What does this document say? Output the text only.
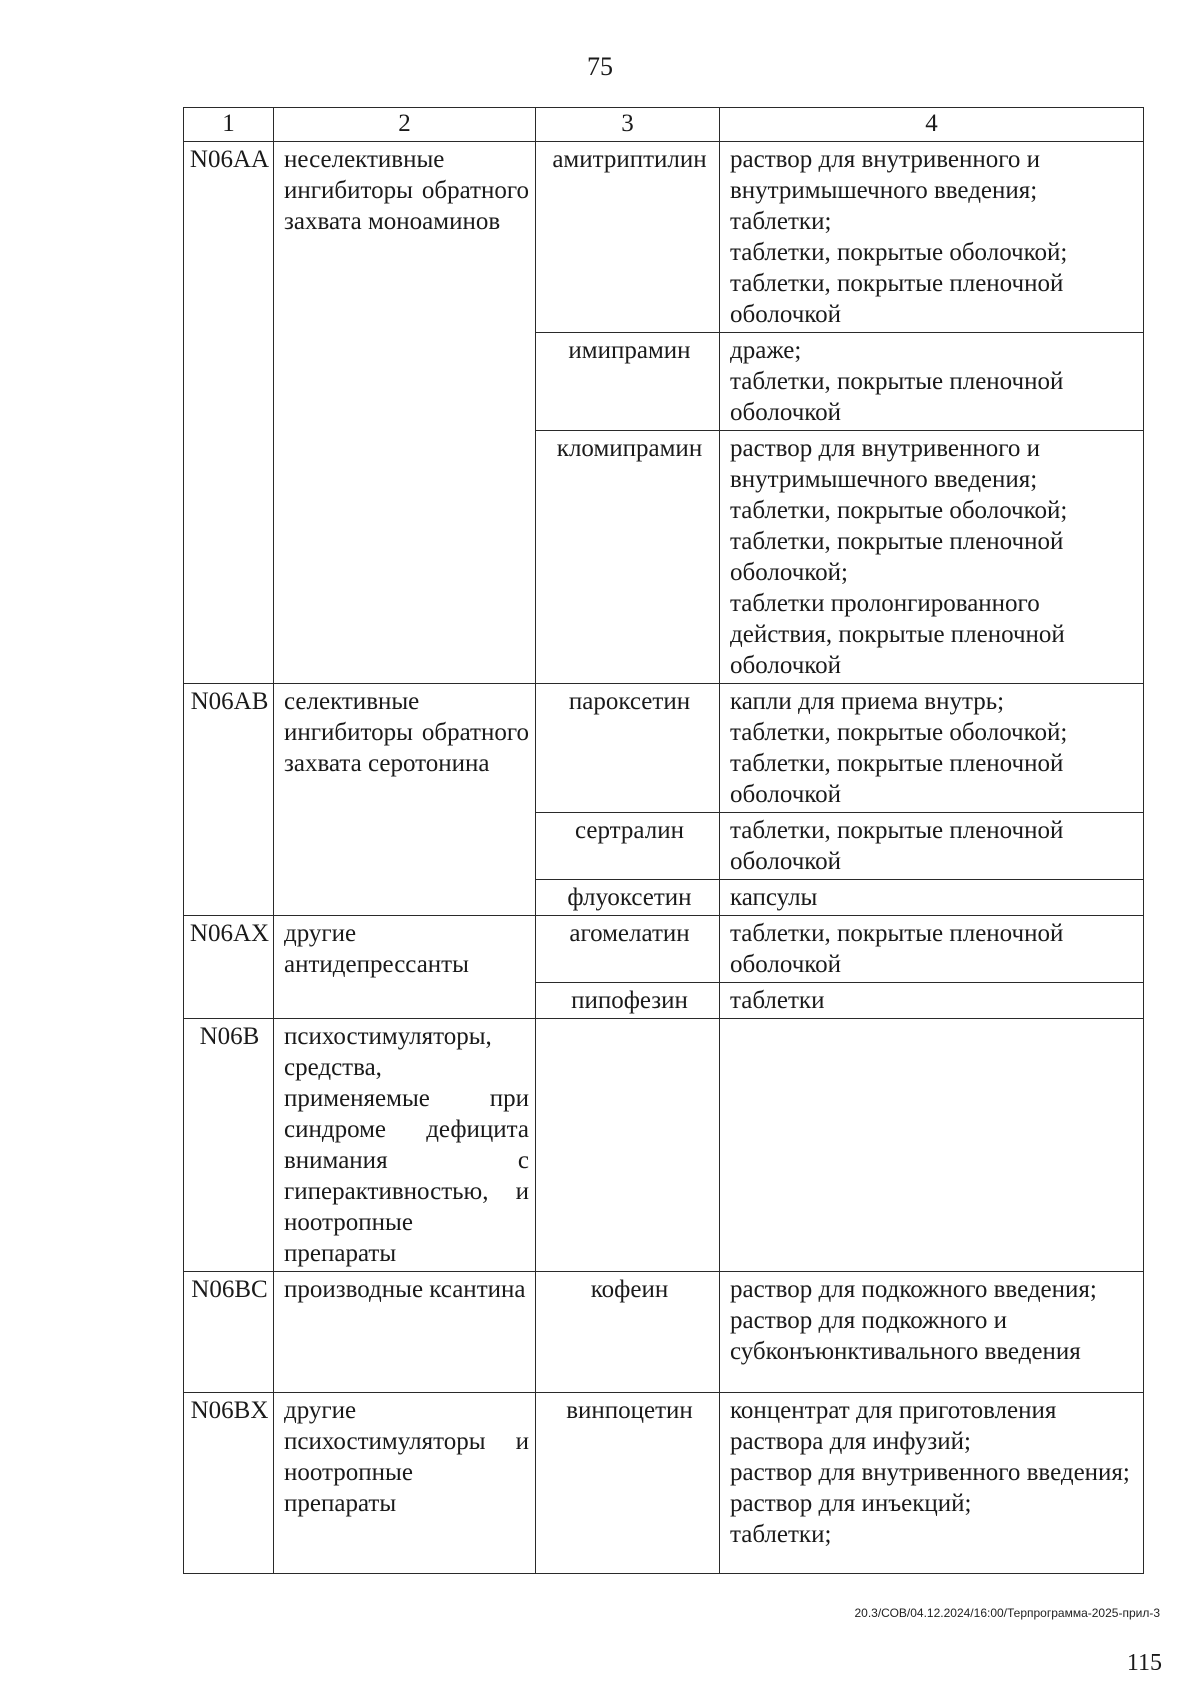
75
1	2	3	4
N06AA	неселективные ингибиторы обратного захвата моноаминов	амитриптилин	раствор для внутривенного и внутримышечного введения;
таблетки;
таблетки, покрытые оболочкой;
таблетки, покрытые пленочной оболочкой

		имипрамин	драже;
таблетки, покрытые пленочной оболочкой

		кломипрамин	раствор для внутривенного и внутримышечного введения;
таблетки, покрытые оболочкой;
таблетки, покрытые пленочной оболочкой;
таблетки пролонгированного действия, покрытые пленочной оболочкой

N06AB	селективные ингибиторы обратного захвата серотонина	пароксетин	капли для приема внутрь;
таблетки, покрытые оболочкой;
таблетки, покрытые пленочной оболочкой

		сертралин	таблетки, покрытые пленочной оболочкой

		флуоксетин	капсулы

N06AX	другие антидепрессанты	агомелатин	таблетки, покрытые пленочной оболочкой

		пипофезин	таблетки

N06B	психостимуляторы, средства, применяемые при синдроме дефицита внимания с гиперактивностью, и ноотропные препараты		
N06BC	производные ксантина	кофеин	раствор для подкожного введения;
раствор для подкожного и субконъюнктивального введения

N06BX	другие психостимуляторы и ноотропные препараты	винпоцетин	концентрат для приготовления раствора для инфузий;
раствор для внутривенного введения;
раствор для инъекций;
таблетки;
20.3/СОВ/04.12.2024/16:00/Терпрограмма-2025-прил-3
115
